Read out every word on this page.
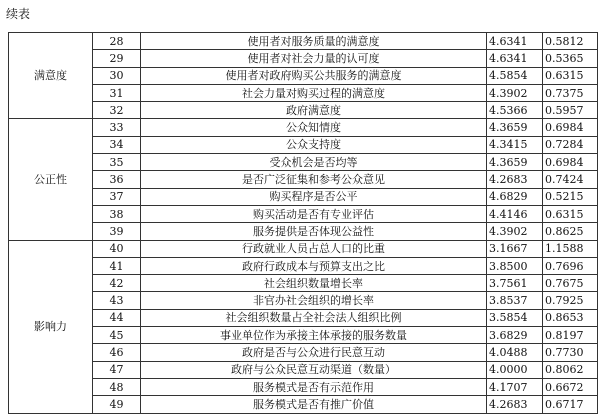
续表
满意度	28	使用者对服务质量的满意度	4.6341	0.5812
	29	使用者对社会力量的认可度	4.6341	0.5365
	30	使用者对政府购买公共服务的满意度	4.5854	0.6315
	31	社会力量对购买过程的满意度	4.3902	0.7375
	32	政府满意度	4.5366	0.5957
公正性	33	公众知情度	4.3659	0.6984
	34	公众支持度	4.3415	0.7284
	35	受众机会是否均等	4.3659	0.6984
	36	是否广泛征集和参考公众意见	4.2683	0.7424
	37	购买程序是否公平	4.6829	0.5215
	38	购买活动是否有专业评估	4.4146	0.6315
	39	服务提供是否体现公益性	4.3902	0.8625
影响力	40	行政就业人员占总人口的比重	3.1667	1.1588
	41	政府行政成本与预算支出之比	3.8500	0.7696
	42	社会组织数量增长率	3.7561	0.7675
	43	非官办社会组织的增长率	3.8537	0.7925
	44	社会组织数量占全社会法人组织比例	3.5854	0.8653
	45	事业单位作为承接主体承接的服务数量	3.6829	0.8197
	46	政府是否与公众进行民意互动	4.0488	0.7730
	47	政府与公众民意互动渠道（数量）	4.0000	0.8062
	48	服务模式是否有示范作用	4.1707	0.6672
	49	服务模式是否有推广价值	4.2683	0.6717
